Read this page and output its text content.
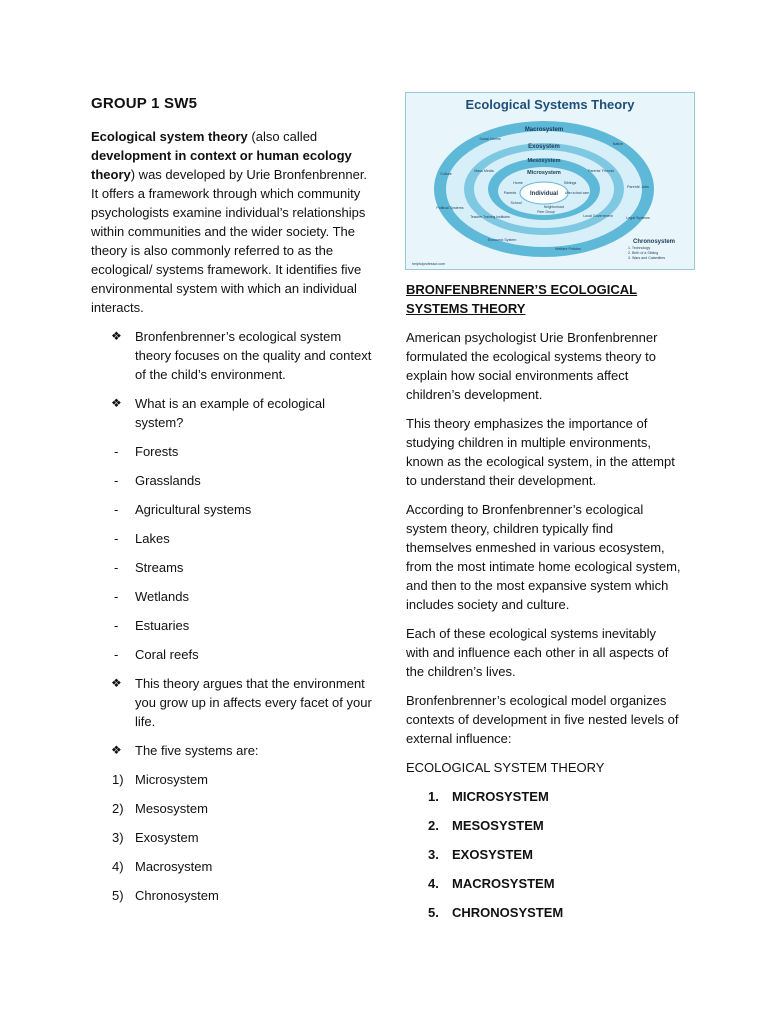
GROUP 1 SW5

Ecological system theory (also called development in context or human ecology theory) was developed by Urie Bronfenbrenner. It offers a framework through which community psychologists examine individual’s relationships within communities and the wider society. The theory is also commonly referred to as the ecological/ systems framework. It identifies five environmental system with which an individual interacts.

❖ Bronfenbrenner’s ecological system theory focuses on the quality and context of the child’s environment.
❖ What is an example of ecological system?
- Forests
- Grasslands
- Agricultural systems
- Lakes
- Streams
- Wetlands
- Estuaries
- Coral reefs
❖ This theory argues that the environment you grow up in affects every facet of your life.
❖ The five systems are:
1) Microsystem
2) Mesosystem
3) Exosystem
4) Macrosystem
5) Chronosystem
Ecological Systems Theory
Macrosystem
Exosystem
Mesosystem
Microsystem
Individual
Home	Siblings
Parents	After school care
School
Neighborhood
Peer Group
Mass Media	Parents' Friends
Teacher Training Institutes	Local Government
Social Norms
Nation
Culture
Parents' Jobs
Political Systems
Legal Systems
Economic System
Welfare Policies
Chronosystem
1. Technology
2. Birth of a Sibling
3. Wars and Calamities
helpfulprofessor.com
BRONFENBRENNER’S ECOLOGICAL SYSTEMS THEORY

American psychologist Urie Bronfenbrenner formulated the ecological systems theory to explain how social environments affect children’s development.

This theory emphasizes the importance of studying children in multiple environments, known as the ecological system, in the attempt to understand their development.

According to Bronfenbrenner’s ecological system theory, children typically find themselves enmeshed in various ecosystem, from the most intimate home ecological system, and then to the most expansive system which includes society and culture.

Each of these ecological systems inevitably with and influence each other in all aspects of the children’s lives.

Bronfenbrenner’s ecological model organizes contexts of development in five nested levels of external influence:

ECOLOGICAL SYSTEM THEORY

1. MICROSYSTEM
2. MESOSYSTEM
3. EXOSYSTEM
4. MACROSYSTEM
5. CHRONOSYSTEM
